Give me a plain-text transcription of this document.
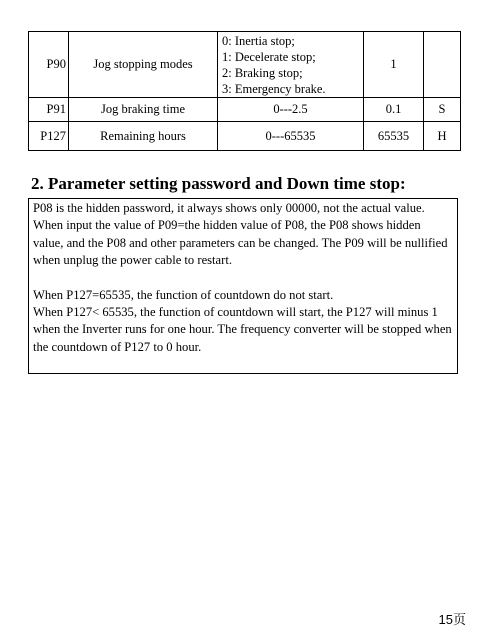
P90	Jog stopping modes	0: Inertia stop;
1: Decelerate stop;
2: Braking stop;
3: Emergency brake.	1	
P91	Jog braking time	0---2.5	0.1	S
P127	Remaining hours	0---65535	65535	H
2. Parameter setting password and Down time stop:

P08 is the hidden password, it always shows only 00000, not the actual value.

When input the value of P09=the hidden value of P08, the P08 shows hidden value, and the P08 and other parameters can be changed. The P09 will be nullified when unplug the power cable to restart.

When P127=65535, the function of countdown do not start.

When P127< 65535, the function of countdown will start, the P127 will minus 1 when the Inverter runs for one hour. The frequency converter will be stopped when the countdown of P127 to 0 hour.

15页
